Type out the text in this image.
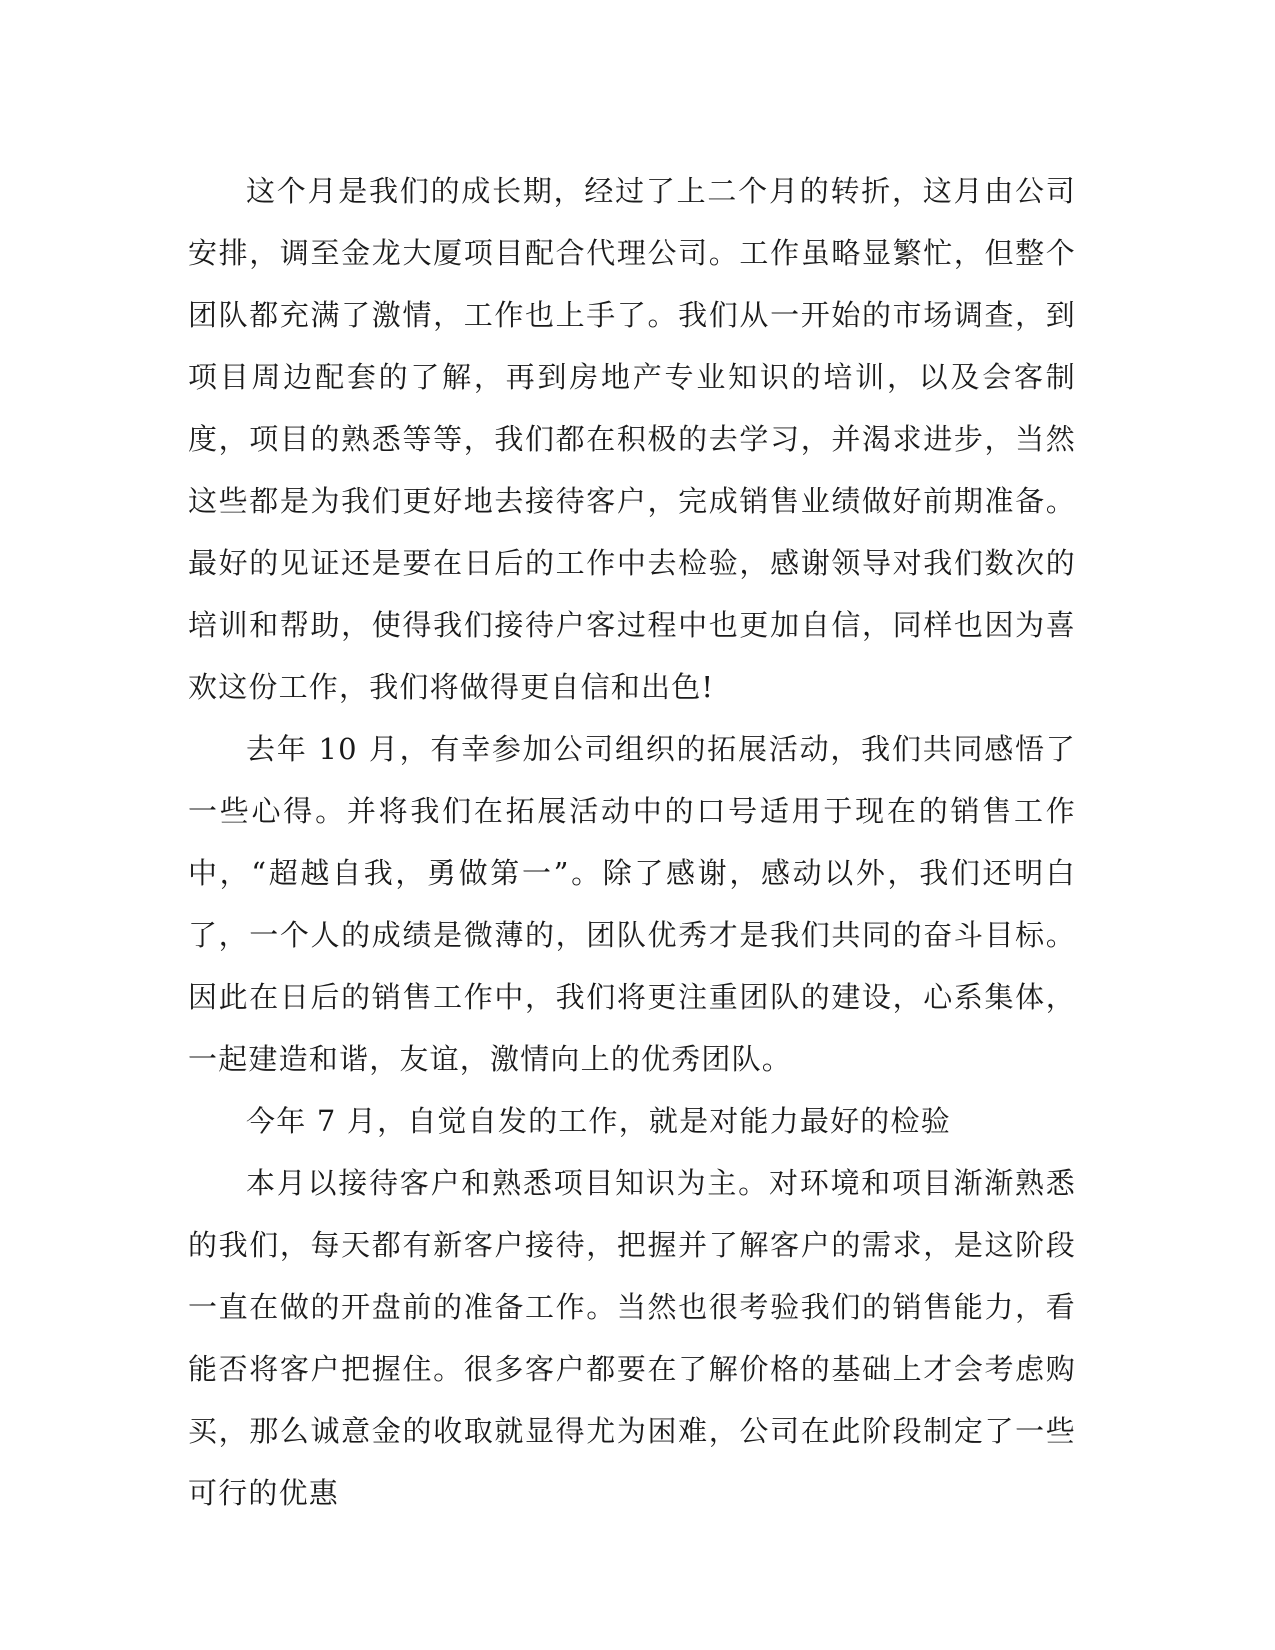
这个月是我们的成长期，经过了上二个月的转折，这月由公司安排，调至金龙大厦项目配合代理公司。工作虽略显繁忙，但整个团队都充满了激情，工作也上手了。我们从一开始的市场调查，到项目周边配套的了解，再到房地产专业知识的培训，以及会客制度，项目的熟悉等等，我们都在积极的去学习，并渴求进步，当然这些都是为我们更好地去接待客户，完成销售业绩做好前期准备。最好的见证还是要在日后的工作中去检验，感谢领导对我们数次的培训和帮助，使得我们接待户客过程中也更加自信，同样也因为喜欢这份工作，我们将做得更自信和出色!

去年 10 月，有幸参加公司组织的拓展活动，我们共同感悟了一些心得。并将我们在拓展活动中的口号适用于现在的销售工作中，“超越自我，勇做第一”。除了感谢，感动以外，我们还明白了，一个人的成绩是微薄的，团队优秀才是我们共同的奋斗目标。因此在日后的销售工作中，我们将更注重团队的建设，心系集体，一起建造和谐，友谊，激情向上的优秀团队。

今年 7 月，自觉自发的工作，就是对能力最好的检验

本月以接待客户和熟悉项目知识为主。对环境和项目渐渐熟悉的我们，每天都有新客户接待，把握并了解客户的需求，是这阶段一直在做的开盘前的准备工作。当然也很考验我们的销售能力，看能否将客户把握住。很多客户都要在了解价格的基础上才会考虑购买，那么诚意金的收取就显得尤为困难，公司在此阶段制定了一些可行的优惠
